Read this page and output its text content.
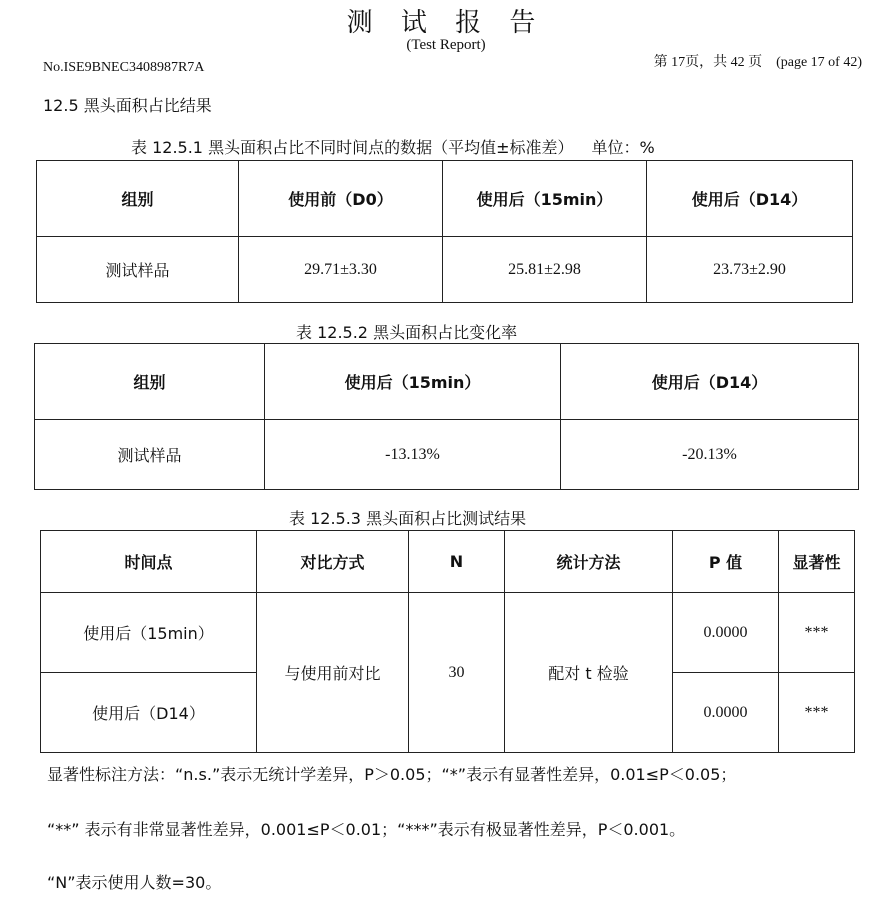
测 试 报 告
(Test Report)
No.ISE9BNEC3408987R7A	第 17页，共 42 页 (page 17 of 42)
12.5 黑头面积占比结果
表 12.5.1 黑头面积占比不同时间点的数据（平均值±标准差） 单位：%
组别	使用前（D0）	使用后（15min）	使用后（D14）
测试样品	29.71±3.30	25.81±2.98	23.73±2.90
表 12.5.2 黑头面积占比变化率
组别	使用后（15min）	使用后（D14）
测试样品	-13.13%	-20.13%
表 12.5.3 黑头面积占比测试结果
时间点	对比方式	N	统计方法	P 值	显著性
使用后（15min）	与使用前对比	30	配对 t 检验	0.0000	***
使用后（D14）				0.0000	***
显著性标注方法：“n.s.”表示无统计学差异，P＞0.05；“*”表示有显著性差异，0.01≤P＜0.05；
“**” 表示有非常显著性差异，0.001≤P＜0.01；“***”表示有极显著性差异，P＜0.001。
“N”表示使用人数=30。
